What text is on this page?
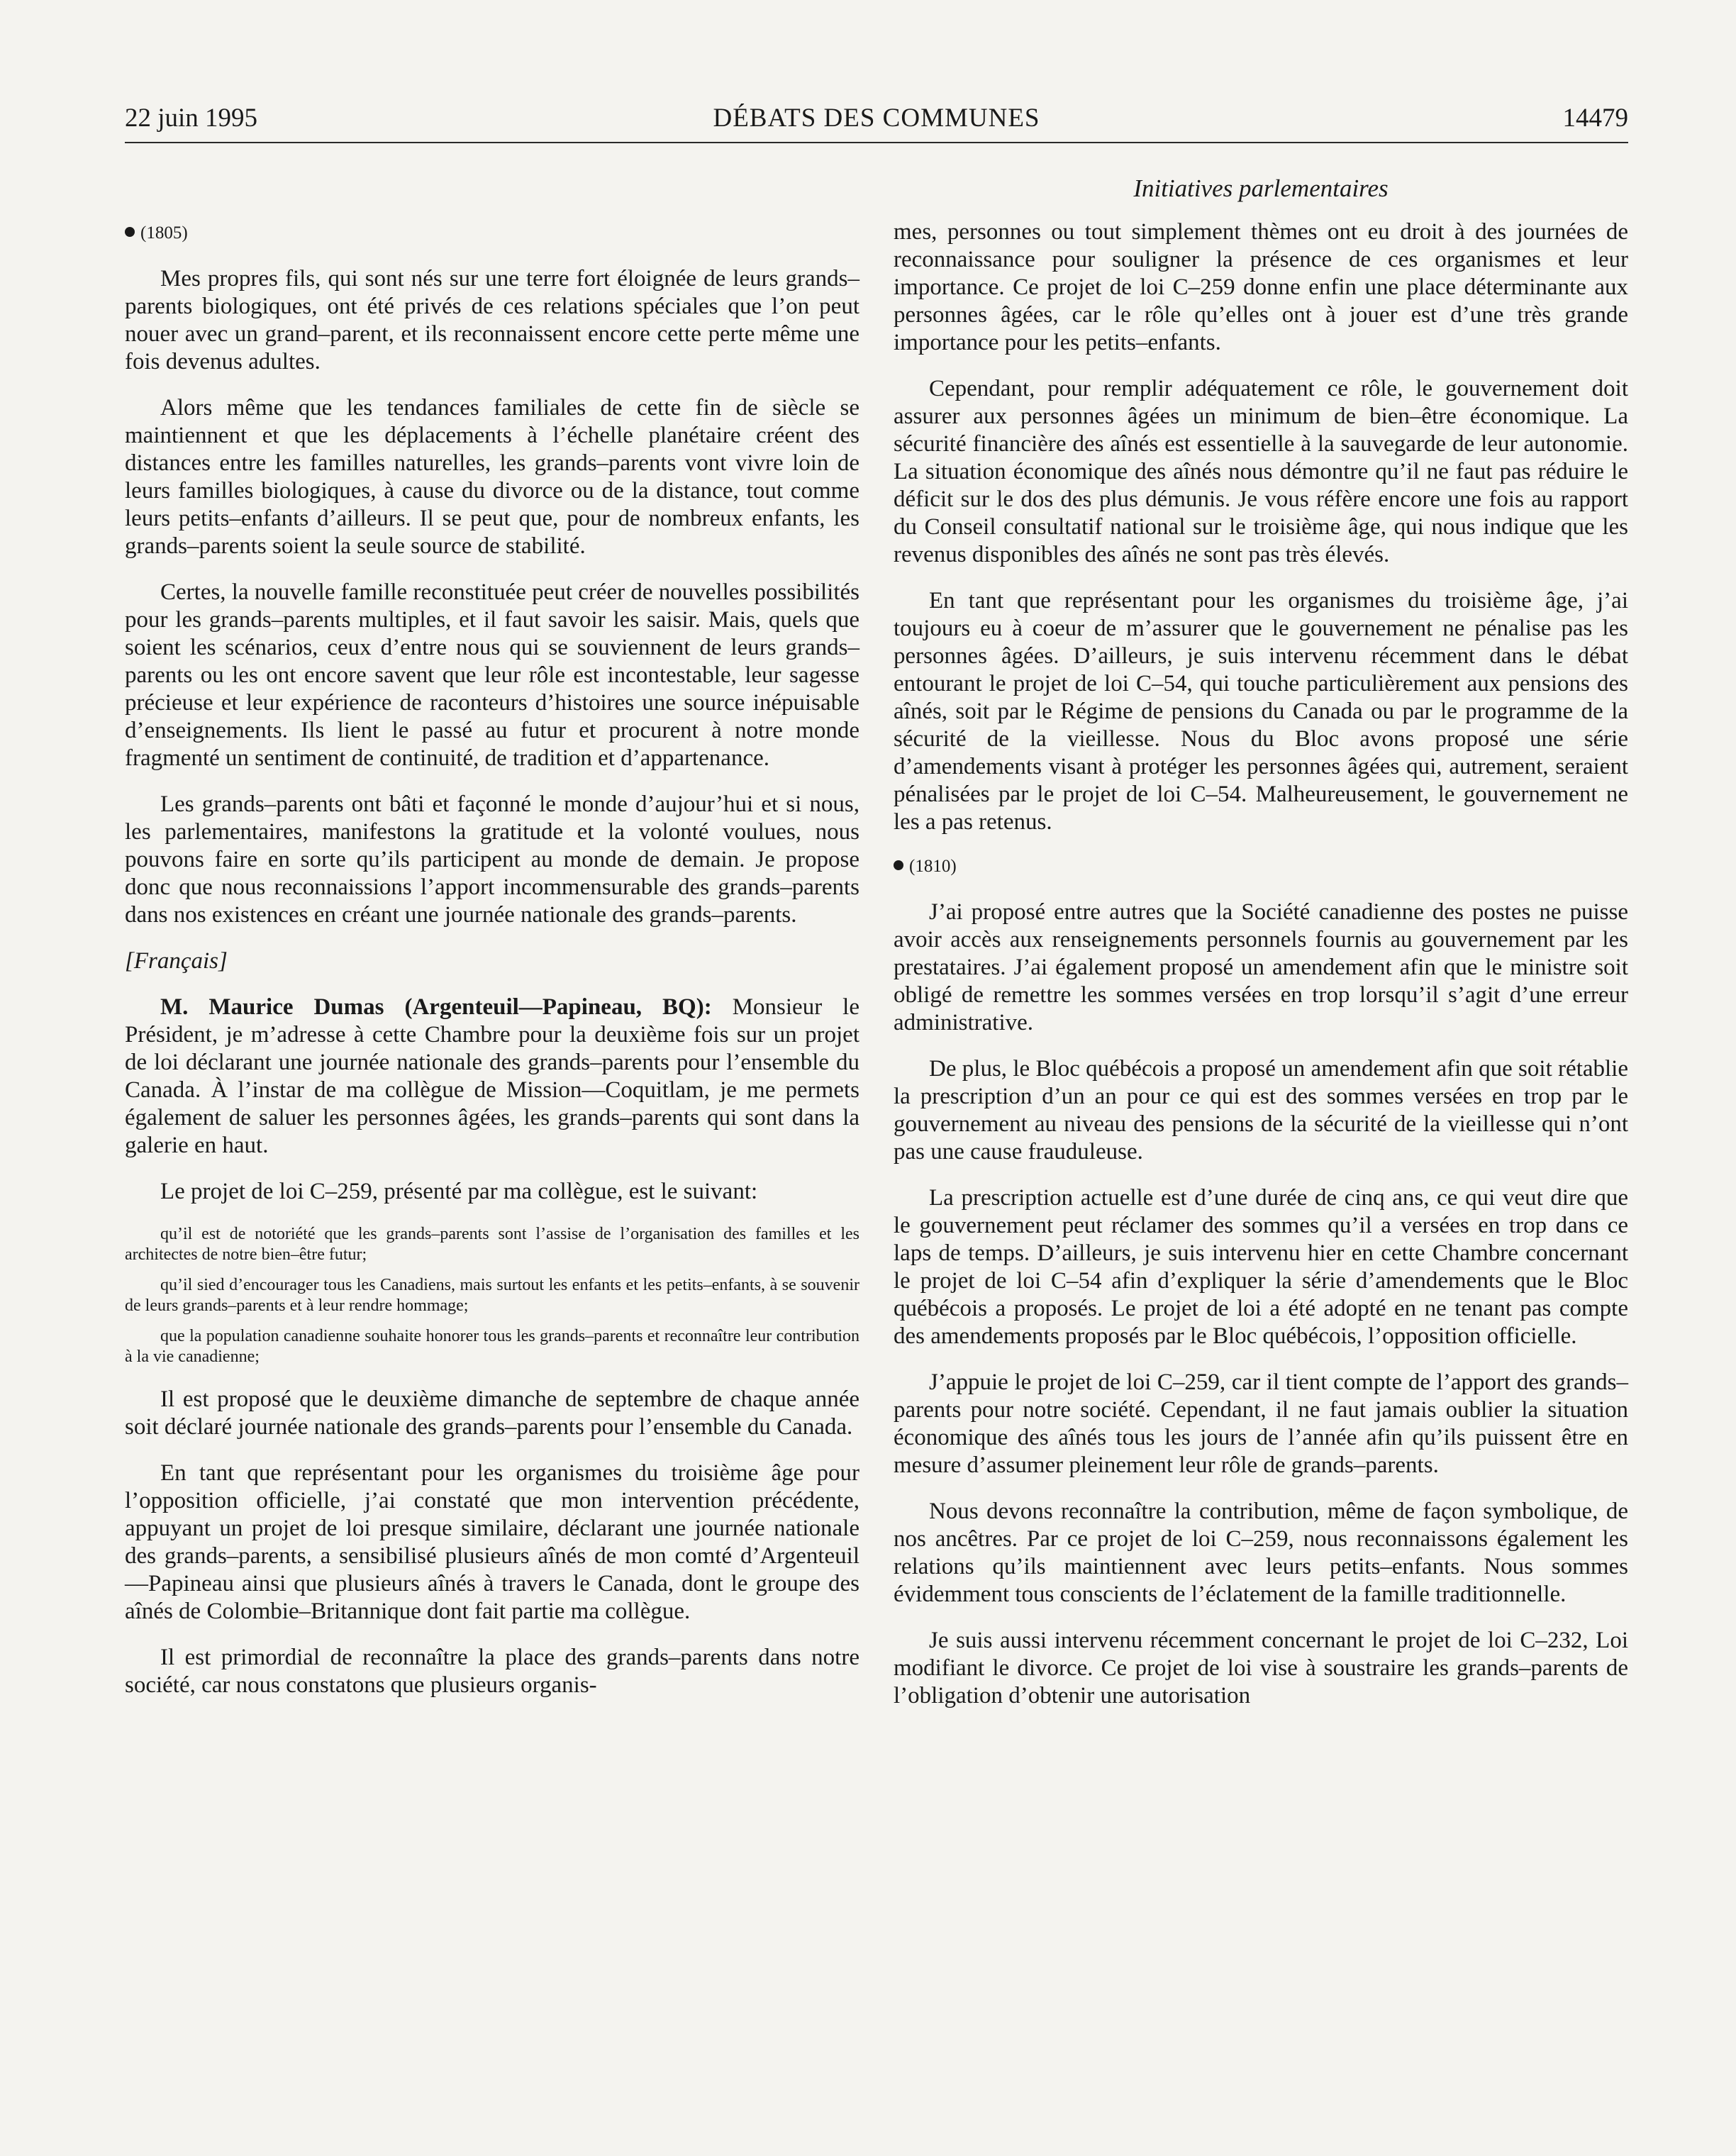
22 juin 1995	DÉBATS DES COMMUNES	14479
Initiatives parlementaires
(1805)

Mes propres fils, qui sont nés sur une terre fort éloignée de leurs grands–parents biologiques, ont été privés de ces relations spéciales que l’on peut nouer avec un grand–parent, et ils reconnaissent encore cette perte même une fois devenus adultes.

Alors même que les tendances familiales de cette fin de siècle se maintiennent et que les déplacements à l’échelle planétaire créent des distances entre les familles naturelles, les grands–parents vont vivre loin de leurs familles biologiques, à cause du divorce ou de la distance, tout comme leurs petits–enfants d’ailleurs. Il se peut que, pour de nombreux enfants, les grands–parents soient la seule source de stabilité.

Certes, la nouvelle famille reconstituée peut créer de nouvelles possibilités pour les grands–parents multiples, et il faut savoir les saisir. Mais, quels que soient les scénarios, ceux d’entre nous qui se souviennent de leurs grands–parents ou les ont encore savent que leur rôle est incontestable, leur sagesse précieuse et leur expérience de raconteurs d’histoires une source inépuisable d’enseignements. Ils lient le passé au futur et procurent à notre monde fragmenté un sentiment de continuité, de tradition et d’appartenance.

Les grands–parents ont bâti et façonné le monde d’aujour’hui et si nous, les parlementaires, manifestons la gratitude et la volonté voulues, nous pouvons faire en sorte qu’ils participent au monde de demain. Je propose donc que nous reconnaissions l’apport incommensurable des grands–parents dans nos existences en créant une journée nationale des grands–parents.

[Français]

M. Maurice Dumas (Argenteuil—Papineau, BQ): Monsieur le Président, je m’adresse à cette Chambre pour la deuxième fois sur un projet de loi déclarant une journée nationale des grands–parents pour l’ensemble du Canada. À l’instar de ma collègue de Mission—Coquitlam, je me permets également de saluer les personnes âgées, les grands–parents qui sont dans la galerie en haut.

Le projet de loi C–259, présenté par ma collègue, est le suivant:

qu’il est de notoriété que les grands–parents sont l’assise de l’organisation des familles et les architectes de notre bien–être futur;
qu’il sied d’encourager tous les Canadiens, mais surtout les enfants et les petits–enfants, à se souvenir de leurs grands–parents et à leur rendre hommage;
que la population canadienne souhaite honorer tous les grands–parents et reconnaître leur contribution à la vie canadienne;

Il est proposé que le deuxième dimanche de septembre de chaque année soit déclaré journée nationale des grands–parents pour l’ensemble du Canada.

En tant que représentant pour les organismes du troisième âge pour l’opposition officielle, j’ai constaté que mon intervention précédente, appuyant un projet de loi presque similaire, déclarant une journée nationale des grands–parents, a sensibilisé plusieurs aînés de mon comté d’Argenteuil—Papineau ainsi que plusieurs aînés à travers le Canada, dont le groupe des aînés de Colombie–Britannique dont fait partie ma collègue.

Il est primordial de reconnaître la place des grands–parents dans notre société, car nous constatons que plusieurs organis-

mes, personnes ou tout simplement thèmes ont eu droit à des journées de reconnaissance pour souligner la présence de ces organismes et leur importance. Ce projet de loi C–259 donne enfin une place déterminante aux personnes âgées, car le rôle qu’elles ont à jouer est d’une très grande importance pour les petits–enfants.

Cependant, pour remplir adéquatement ce rôle, le gouvernement doit assurer aux personnes âgées un minimum de bien–être économique. La sécurité financière des aînés est essentielle à la sauvegarde de leur autonomie. La situation économique des aînés nous démontre qu’il ne faut pas réduire le déficit sur le dos des plus démunis. Je vous réfère encore une fois au rapport du Conseil consultatif national sur le troisième âge, qui nous indique que les revenus disponibles des aînés ne sont pas très élevés.

En tant que représentant pour les organismes du troisième âge, j’ai toujours eu à coeur de m’assurer que le gouvernement ne pénalise pas les personnes âgées. D’ailleurs, je suis intervenu récemment dans le débat entourant le projet de loi C–54, qui touche particulièrement aux pensions des aînés, soit par le Régime de pensions du Canada ou par le programme de la sécurité de la vieillesse. Nous du Bloc avons proposé une série d’amendements visant à protéger les personnes âgées qui, autrement, seraient pénalisées par le projet de loi C–54. Malheureusement, le gouvernement ne les a pas retenus.

(1810)

J’ai proposé entre autres que la Société canadienne des postes ne puisse avoir accès aux renseignements personnels fournis au gouvernement par les prestataires. J’ai également proposé un amendement afin que le ministre soit obligé de remettre les sommes versées en trop lorsqu’il s’agit d’une erreur administrative.

De plus, le Bloc québécois a proposé un amendement afin que soit rétablie la prescription d’un an pour ce qui est des sommes versées en trop par le gouvernement au niveau des pensions de la sécurité de la vieillesse qui n’ont pas une cause frauduleuse.

La prescription actuelle est d’une durée de cinq ans, ce qui veut dire que le gouvernement peut réclamer des sommes qu’il a versées en trop dans ce laps de temps. D’ailleurs, je suis intervenu hier en cette Chambre concernant le projet de loi C–54 afin d’expliquer la série d’amendements que le Bloc québécois a proposés. Le projet de loi a été adopté en ne tenant pas compte des amendements proposés par le Bloc québécois, l’opposition officielle.

J’appuie le projet de loi C–259, car il tient compte de l’apport des grands–parents pour notre société. Cependant, il ne faut jamais oublier la situation économique des aînés tous les jours de l’année afin qu’ils puissent être en mesure d’assumer pleinement leur rôle de grands–parents.

Nous devons reconnaître la contribution, même de façon symbolique, de nos ancêtres. Par ce projet de loi C–259, nous reconnaissons également les relations qu’ils maintiennent avec leurs petits–enfants. Nous sommes évidemment tous conscients de l’éclatement de la famille traditionnelle.

Je suis aussi intervenu récemment concernant le projet de loi C–232, Loi modifiant le divorce. Ce projet de loi vise à soustraire les grands–parents de l’obligation d’obtenir une autorisation
